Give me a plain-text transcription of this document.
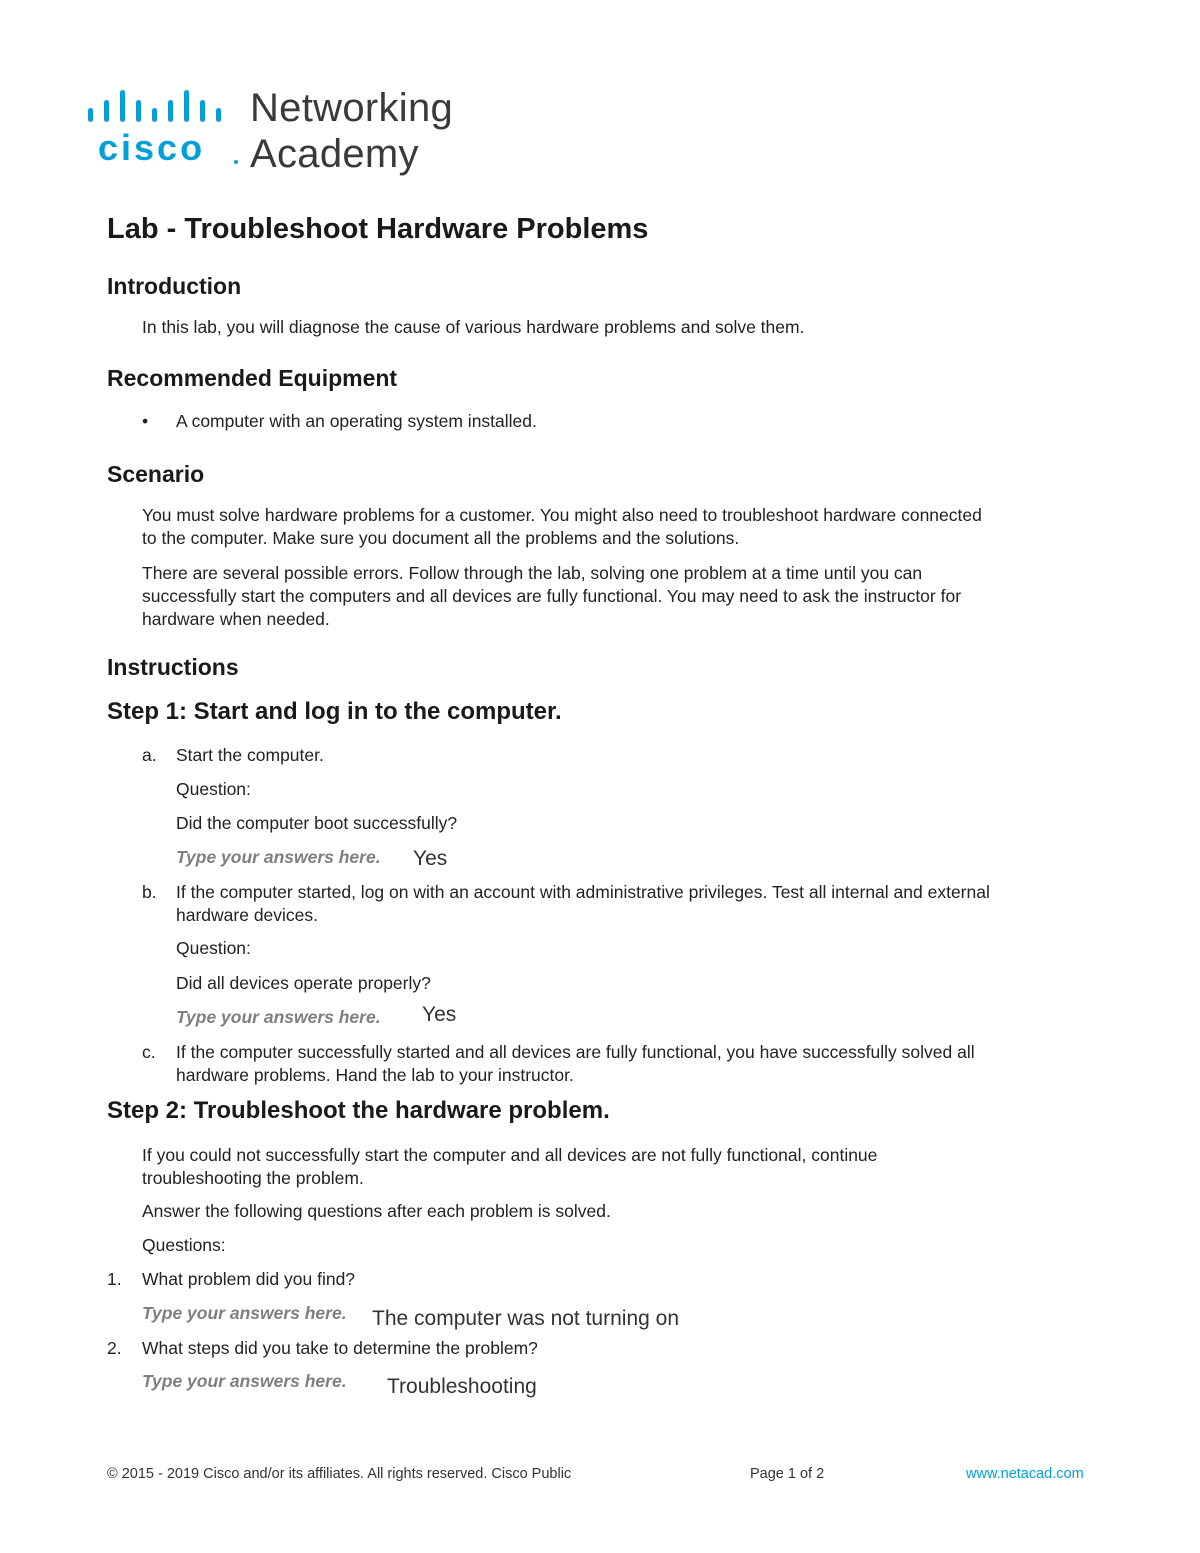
cisco
Networking
Academy
Lab - Troubleshoot Hardware Problems
Introduction
In this lab, you will diagnose the cause of various hardware problems and solve them.
Recommended Equipment
• A computer with an operating system installed.
Scenario
You must solve hardware problems for a customer. You might also need to troubleshoot hardware connected
to the computer. Make sure you document all the problems and the solutions.
There are several possible errors. Follow through the lab, solving one problem at a time until you can
successfully start the computers and all devices are fully functional. You may need to ask the instructor for
hardware when needed.
Instructions
Step 1: Start and log in to the computer.
a. Start the computer.
Question:
Did the computer boot successfully?
Type your answers here. Yes
b. If the computer started, log on with an account with administrative privileges. Test all internal and external
hardware devices.
Question:
Did all devices operate properly?
Type your answers here. Yes
c. If the computer successfully started and all devices are fully functional, you have successfully solved all
hardware problems. Hand the lab to your instructor.
Step 2: Troubleshoot the hardware problem.
If you could not successfully start the computer and all devices are not fully functional, continue
troubleshooting the problem.
Answer the following questions after each problem is solved.
Questions:
1. What problem did you find?
Type your answers here. The computer was not turning on
2. What steps did you take to determine the problem?
Type your answers here. Troubleshooting
© 2015 - 2019 Cisco and/or its affiliates. All rights reserved. Cisco Public	Page 1 of 2	www.netacad.com
